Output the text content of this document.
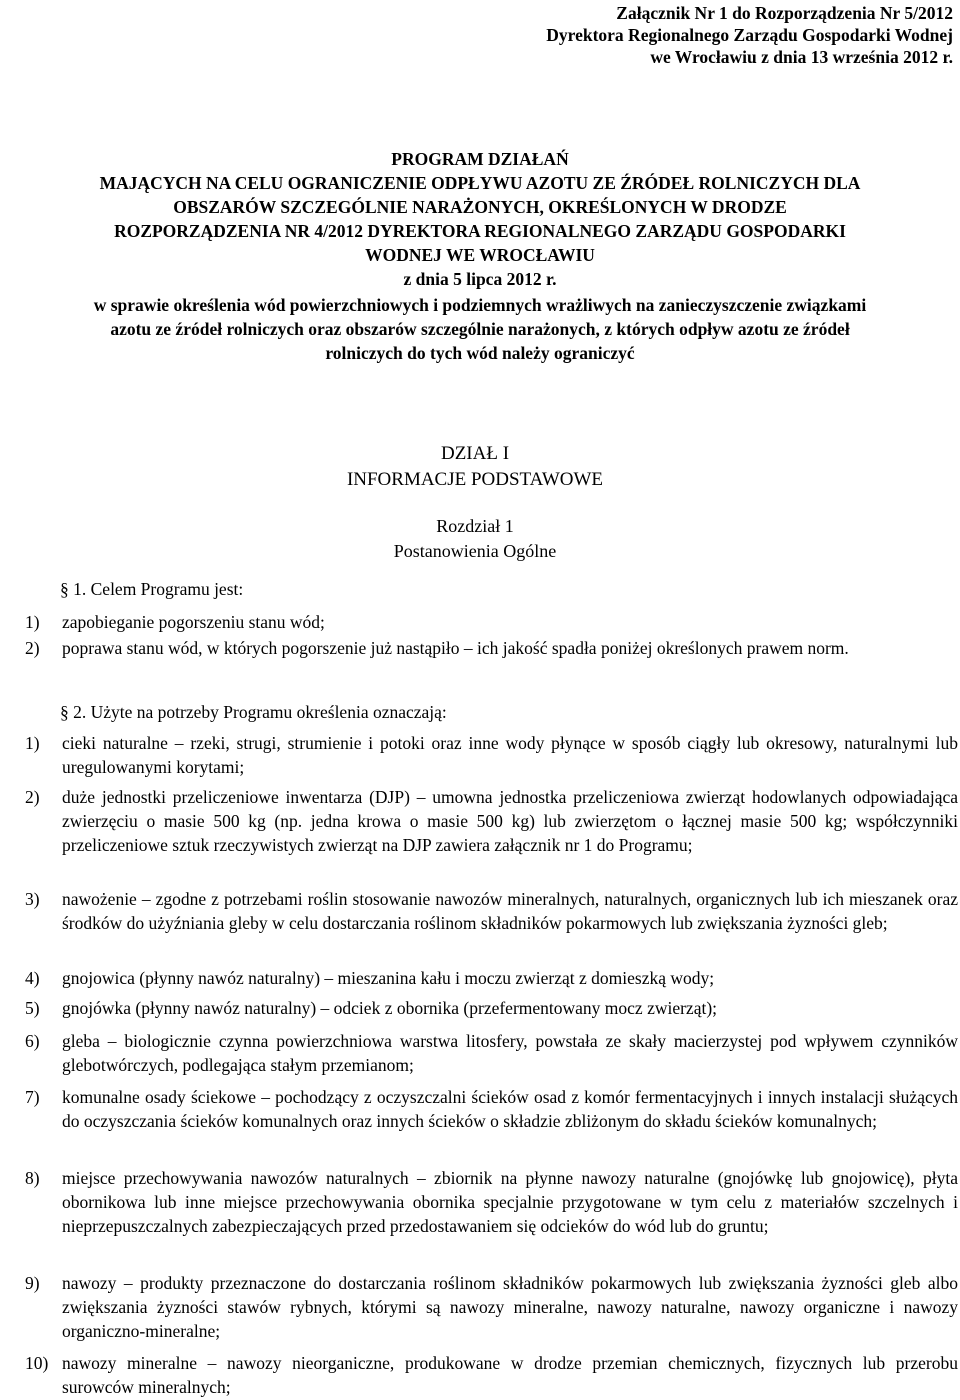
Załącznik Nr 1 do Rozporządzenia Nr 5/2012
Dyrektora Regionalnego Zarządu Gospodarki Wodnej
we Wrocławiu z dnia 13 września 2012 r.
PROGRAM DZIAŁAŃ
MAJĄCYCH NA CELU OGRANICZENIE ODPŁYWU AZOTU ZE ŹRÓDEŁ ROLNICZYCH DLA
OBSZARÓW SZCZEGÓLNIE NARAŻONYCH, OKREŚLONYCH W DRODZE
ROZPORZĄDZENIA NR 4/2012 DYREKTORA REGIONALNEGO ZARZĄDU GOSPODARKI
WODNEJ WE WROCŁAWIU
z dnia 5 lipca 2012 r.
w sprawie określenia wód powierzchniowych i podziemnych wrażliwych na zanieczyszczenie związkami
azotu ze źródeł rolniczych oraz obszarów szczególnie narażonych, z których odpływ azotu ze źródeł
rolniczych do tych wód należy ograniczyć
DZIAŁ I
INFORMACJE PODSTAWOWE
Rozdział 1
Postanowienia Ogólne
§ 1. Celem Programu jest:
1) zapobieganie pogorszeniu stanu wód;
2) poprawa stanu wód, w których pogorszenie już nastąpiło – ich jakość spadła poniżej określonych prawem norm.
§ 2. Użyte na potrzeby Programu określenia oznaczają:
1) cieki naturalne – rzeki, strugi, strumienie i potoki oraz inne wody płynące w sposób ciągły lub okresowy, naturalnymi lub uregulowanymi korytami;
2) duże jednostki przeliczeniowe inwentarza (DJP) – umowna jednostka przeliczeniowa zwierząt hodowlanych odpowiadająca zwierzęciu o masie 500 kg (np. jedna krowa o masie 500 kg) lub zwierzętom o łącznej masie 500 kg; współczynniki przeliczeniowe sztuk rzeczywistych zwierząt na DJP zawiera załącznik nr 1 do Programu;
3) nawożenie – zgodne z potrzebami roślin stosowanie nawozów mineralnych, naturalnych, organicznych lub ich mieszanek oraz środków do użyźniania gleby w celu dostarczania roślinom składników pokarmowych lub zwiększania żyzności gleb;
4) gnojowica (płynny nawóz naturalny) – mieszanina kału i moczu zwierząt z domieszką wody;
5) gnojówka (płynny nawóz naturalny) – odciek z obornika (przefermentowany mocz zwierząt);
6) gleba – biologicznie czynna powierzchniowa warstwa litosfery, powstała ze skały macierzystej pod wpływem czynników glebotwórczych, podlegająca stałym przemianom;
7) komunalne osady ściekowe – pochodzący z oczyszczalni ścieków osad z komór fermentacyjnych i innych instalacji służących do oczyszczania ścieków komunalnych oraz innych ścieków o składzie zbliżonym do składu ścieków komunalnych;
8) miejsce przechowywania nawozów naturalnych – zbiornik na płynne nawozy naturalne (gnojówkę lub gnojowicę), płyta obornikowa lub inne miejsce przechowywania obornika specjalnie przygotowane w tym celu z materiałów szczelnych i nieprzepuszczalnych zabezpieczających przed przedostawaniem się odcieków do wód lub do gruntu;
9) nawozy – produkty przeznaczone do dostarczania roślinom składników pokarmowych lub zwiększania żyzności gleb albo zwiększania żyzności stawów rybnych, którymi są nawozy mineralne, nawozy naturalne, nawozy organiczne i nawozy organiczno-mineralne;
10) nawozy mineralne – nawozy nieorganiczne, produkowane w drodze przemian chemicznych, fizycznych lub przerobu surowców mineralnych;
